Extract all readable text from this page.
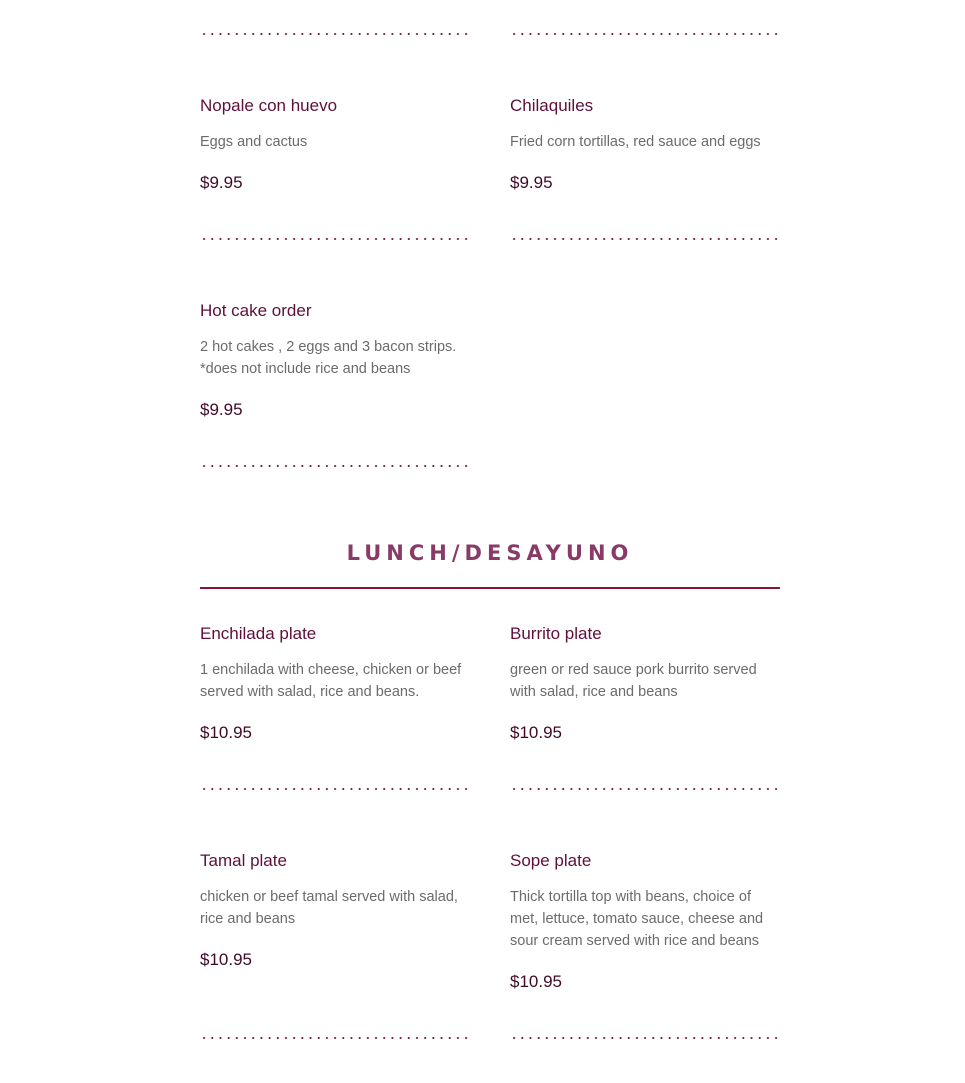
Nopale con huevo
Eggs and cactus
$9.95
Chilaquiles
Fried corn tortillas, red sauce and eggs
$9.95
Hot cake order
2 hot cakes , 2 eggs and 3 bacon strips. *does not include rice and beans
$9.95
LUNCH/DESAYUNO
Enchilada plate
1 enchilada with cheese, chicken or beef served with salad, rice and beans.
$10.95
Burrito plate
green or red sauce pork burrito served with salad, rice and beans
$10.95
Tamal plate
chicken or beef tamal served with salad, rice and beans
$10.95
Sope plate
Thick tortilla top with beans, choice of met, lettuce, tomato sauce, cheese and sour cream served with rice and beans
$10.95
